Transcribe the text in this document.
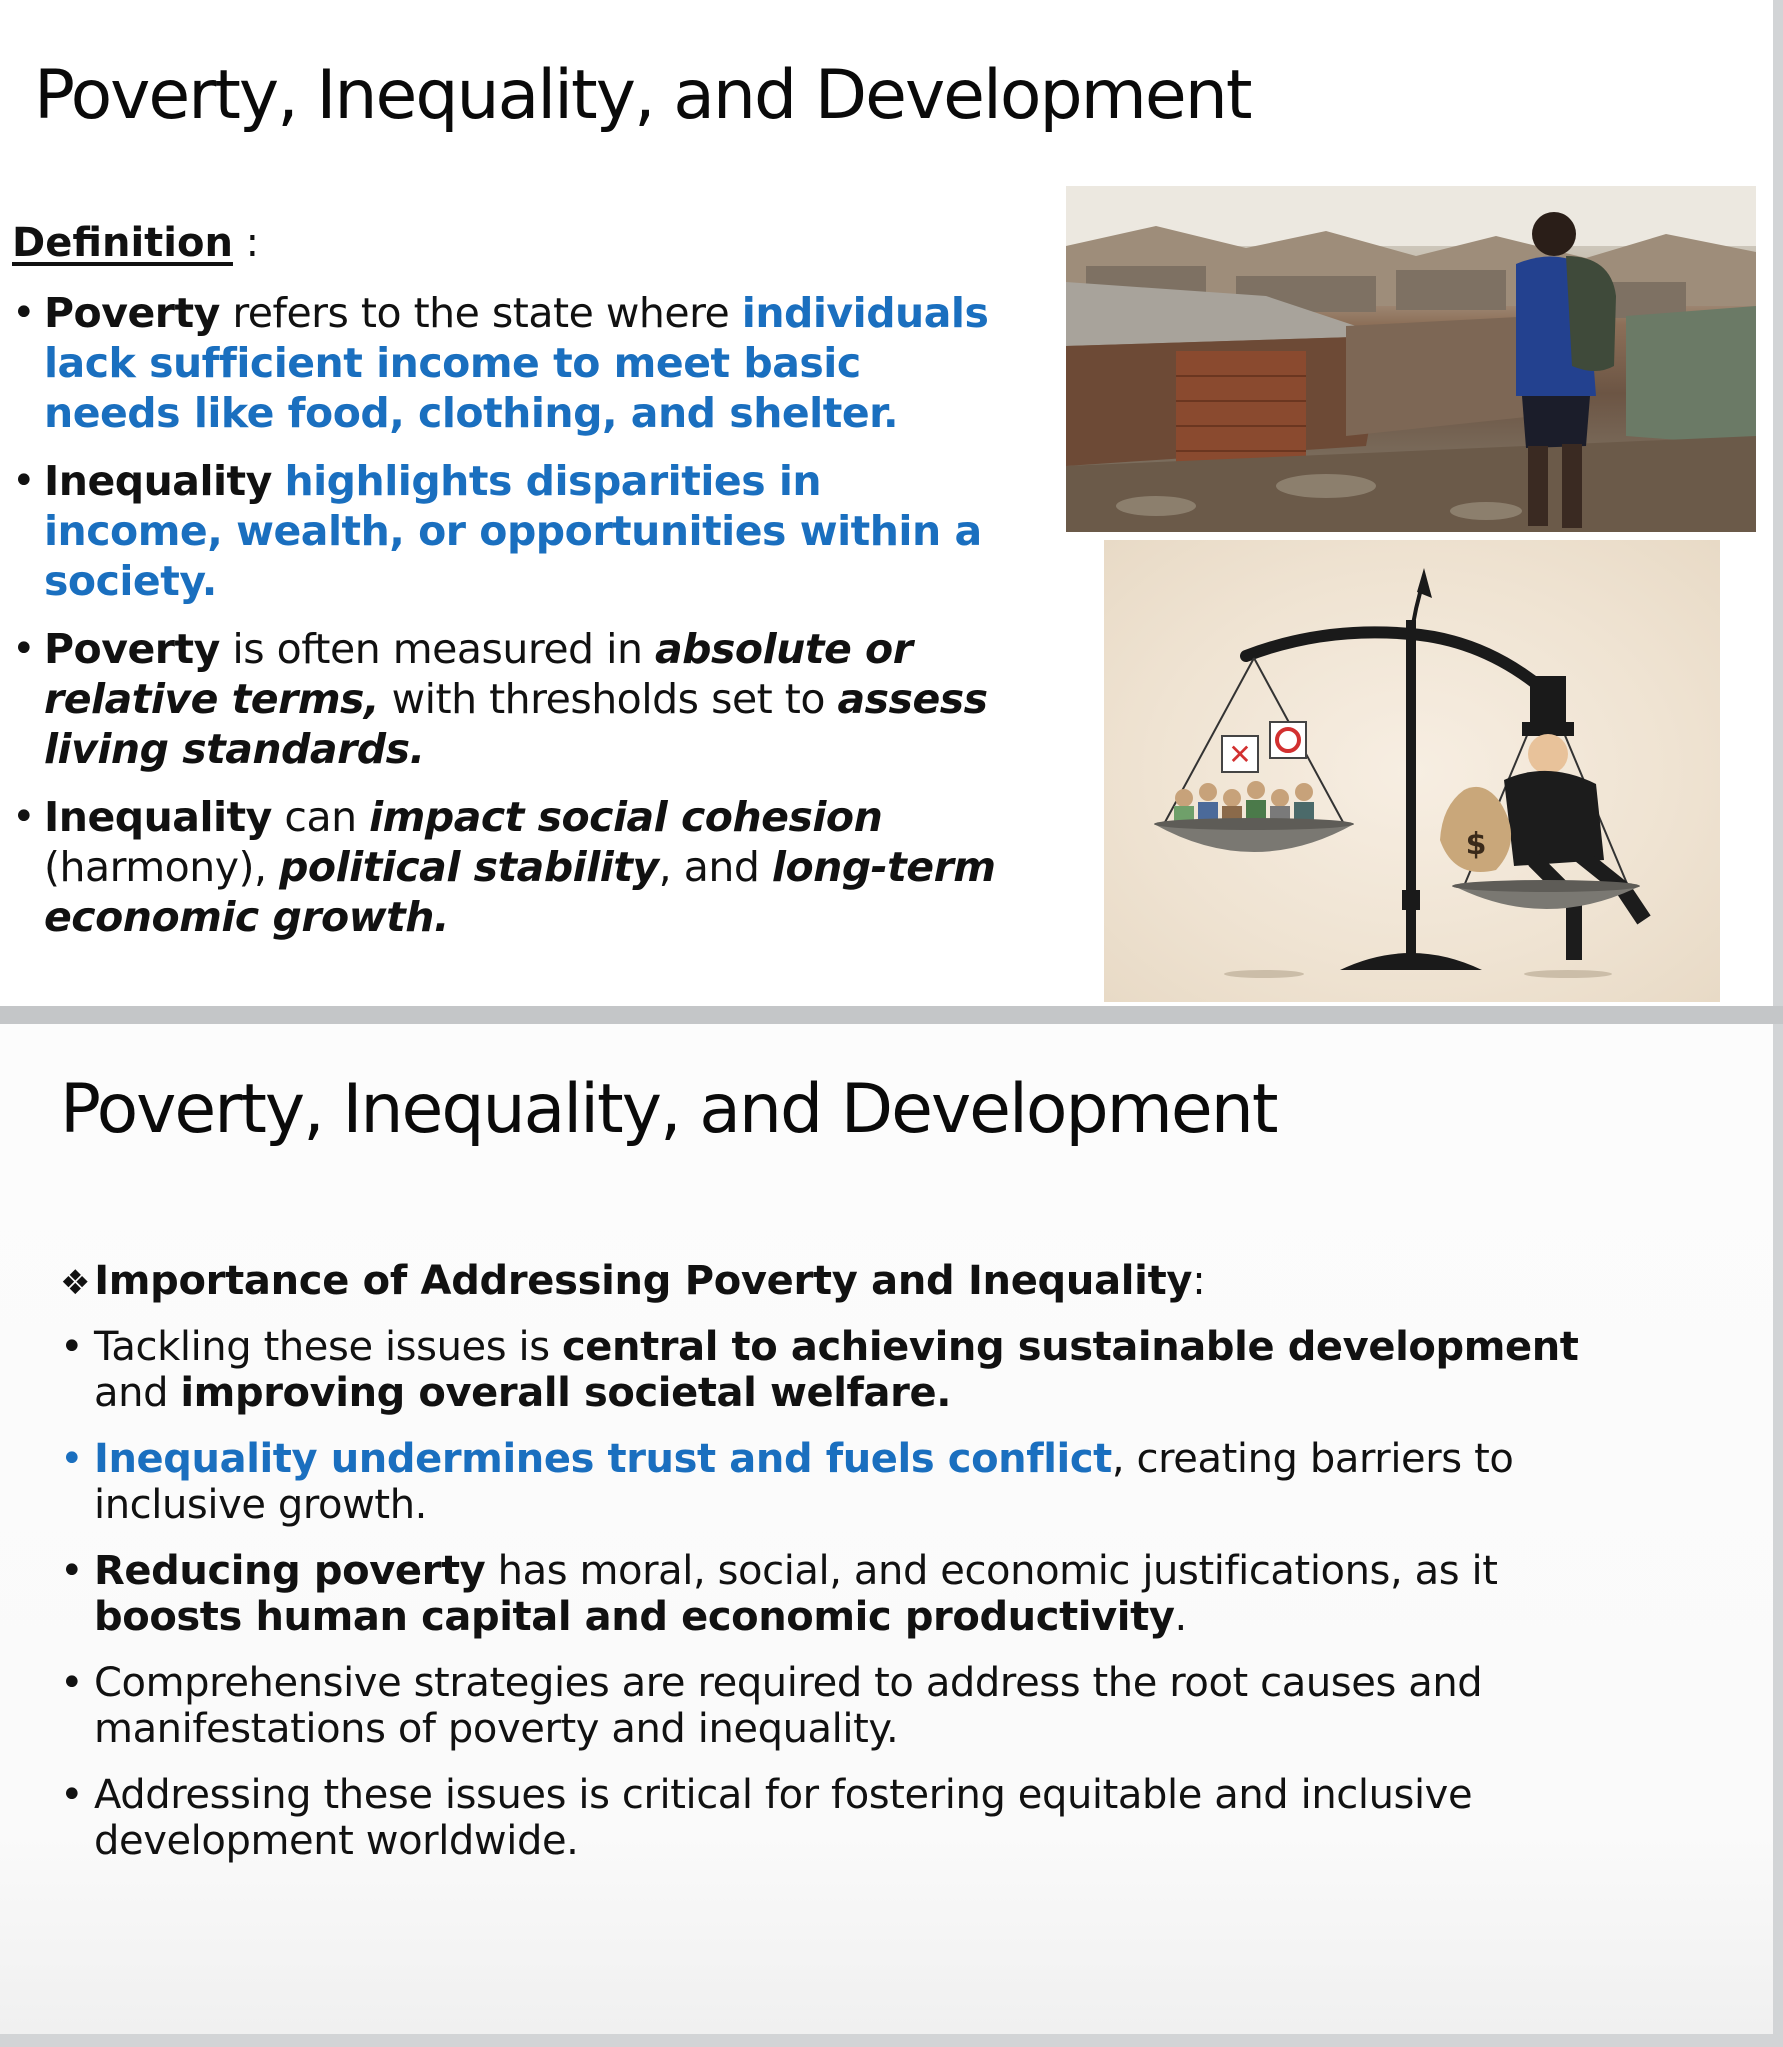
Poverty, Inequality, and Development

Definition :

• Poverty refers to the state where individuals lack sufficient income to meet basic needs like food, clothing, and shelter.
• Inequality highlights disparities in income, wealth, or opportunities within a society.
• Poverty is often measured in absolute or relative terms, with thresholds set to assess living standards.
• Inequality can impact social cohesion (harmony), political stability, and long-term economic growth.
✕
$
Poverty, Inequality, and Development

❖ Importance of Addressing Poverty and Inequality:

• Tackling these issues is central to achieving sustainable development and improving overall societal welfare.
• Inequality undermines trust and fuels conflict, creating barriers to inclusive growth.
• Reducing poverty has moral, social, and economic justifications, as it boosts human capital and economic productivity.
• Comprehensive strategies are required to address the root causes and manifestations of poverty and inequality.
• Addressing these issues is critical for fostering equitable and inclusive development worldwide.
